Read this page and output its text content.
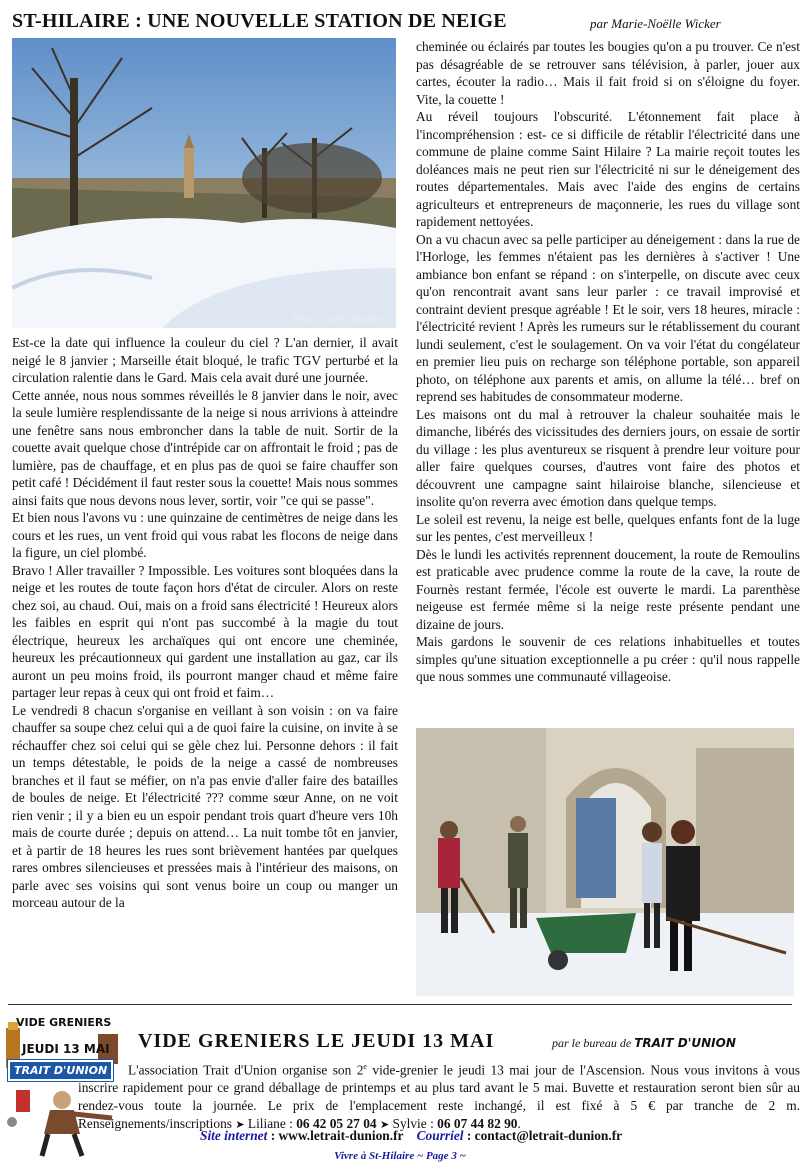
ST-HILAIRE : UNE NOUVELLE STATION DE NEIGE	par Marie-Noëlle Wicker
Photo : Colette Hostaléry

Est-ce la date qui influence la couleur du ciel ? L'an dernier, il avait neigé le 8 janvier ; Marseille était bloqué, le trafic TGV perturbé et la circulation ralentie dans le Gard. Mais cela avait duré une journée.

Cette année, nous nous sommes réveillés le 8 janvier dans le noir, avec la seule lumière resplendissante de la neige si nous arrivions à atteindre une fenêtre sans nous embroncher dans la table de nuit. Sortir de la couette avait quelque chose d'intrépide car on affrontait le froid ; pas de lumière, pas de chauffage, et en plus pas de quoi se faire chauffer son petit café ! Décidément il faut rester sous la couette! Mais nous sommes ainsi faits que nous devons nous lever, sortir, voir "ce qui se passe".

Et bien nous l'avons vu : une quinzaine de centimètres de neige dans les cours et les rues, un vent froid qui vous rabat les flocons de neige dans la figure, un ciel plombé.

Bravo ! Aller travailler ? Impossible. Les voitures sont bloquées dans la neige et les routes de toute façon hors d'état de circuler. Alors on reste chez soi, au chaud. Oui, mais on a froid sans électricité ! Heureux alors les faibles en esprit qui n'ont pas succombé à la magie du tout électrique, heureux les archaïques qui ont encore une cheminée, heureux les précautionneux qui gardent une installation au gaz, car ils auront un peu moins froid, ils pourront manger chaud et même faire partager leur repas à ceux qui ont froid et faim…

Le vendredi 8 chacun s'organise en veillant à son voisin : on va faire chauffer sa soupe chez celui qui a de quoi faire la cuisine, on invite à se réchauffer chez soi celui qui se gèle chez lui. Personne dehors : il fait un temps détestable, le poids de la neige a cassé de nombreuses branches et il faut se méfier, on n'a pas envie d'aller faire des batailles de boules de neige. Et l'électricité ??? comme sœur Anne, on ne voit rien venir ; il y a bien eu un espoir pendant trois quart d'heure vers 10h mais de courte durée ; depuis on attend… La nuit tombe tôt en janvier, et à partir de 18 heures les rues sont brièvement hantées par quelques rares ombres silencieuses et pressées mais à l'intérieur des maisons, on parle avec ses voisins qui sont venus boire un coup ou manger un morceau autour de la

cheminée ou éclairés par toutes les bougies qu'on a pu trouver. Ce n'est pas désagréable de se retrouver sans télévision, à parler, jouer aux cartes, écouter la radio… Mais il fait froid si on s'éloigne du foyer. Vite, la couette !

Au réveil toujours l'obscurité. L'étonnement fait place à l'incompréhension : est- ce si difficile de rétablir l'électricité dans une commune de plaine comme Saint Hilaire ? La mairie reçoit toutes les doléances mais ne peut rien sur l'électricité ni sur le déneigement des routes départementales. Mais avec l'aide des engins de certains agriculteurs et entrepreneurs de maçonnerie, les rues du village sont rapidement nettoyées.

On a vu chacun avec sa pelle participer au déneigement : dans la rue de l'Horloge, les femmes n'étaient pas les dernières à s'activer ! Une ambiance bon enfant se répand : on s'interpelle, on discute avec ceux qu'on rencontrait avant sans leur parler : ce travail improvisé et contraint devient presque agréable ! Et le soir, vers 18 heures, miracle : l'électricité revient ! Après les rumeurs sur le rétablissement du courant lundi seulement, c'est le soulagement. On va voir l'état du congélateur en premier lieu puis on recharge son téléphone portable, son appareil photo, on téléphone aux parents et amis, on allume la télé… bref on reprend ses habitudes de consommateur moderne.

Les maisons ont du mal à retrouver la chaleur souhaitée mais le dimanche, libérés des vicissitudes des derniers jours, on essaie de sortir du village : les plus aventureux se risquent à prendre leur voiture pour aller faire quelques courses, d'autres vont faire des photos et découvrent une campagne saint hilairoise blanche, silencieuse et insolite qu'on reverra avec émotion dans quelque temps.

Le soleil est revenu, la neige est belle, quelques enfants font de la luge sur les pentes, c'est merveilleux !

Dès le lundi les activités reprennent doucement, la route de Remoulins est praticable avec prudence comme la route de la cave, la route de Fournès restant fermée, l'école est ouverte le mardi. La parenthèse neigeuse est fermée même si la neige reste présente pendant une dizaine de jours.

Mais gardons le souvenir de ces relations inhabituelles et toutes simples qu'une situation exceptionnelle a pu créer : qu'il nous rappelle que nous sommes une communauté villageoise.

Photo : Colette Hostaléry
VIDE GRENIERS
JEUDI 13 MAI
TRAIT D'UNION
VIDE GRENIERS LE JEUDI 13 MAI	par le bureau de TRAIT D'UNION
L'association Trait d'Union organise son 2e vide-grenier le jeudi 13 mai jour de l'Ascension. Nous vous invitons à vous inscrire rapidement pour ce grand déballage de printemps et au plus tard avant le 5 mai. Buvette et restauration seront bien sûr au rendez-vous toute la journée. Le prix de l'emplacement reste inchangé, il est fixé à 5 € par tranche de 2 m. Renseignements/inscriptions ➤ Liliane : 06 42 05 27 04 ➤ Sylvie : 06 07 44 82 90.
Site internet : www.letrait-dunion.fr Courriel : contact@letrait-dunion.fr
Vivre à St-Hilaire ~ Page 3 ~
